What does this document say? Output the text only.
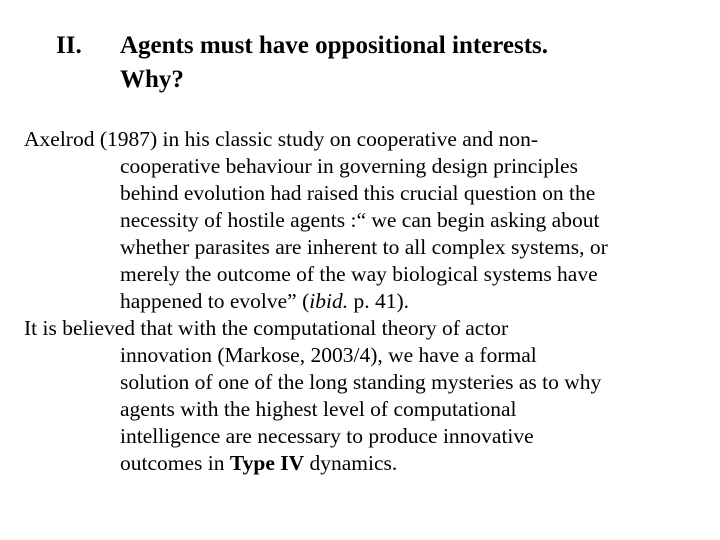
II. Agents must have oppositional interests.
Why?
Axelrod (1987) in his classic study on cooperative and non-
cooperative behaviour in governing design principles
behind evolution had raised this crucial question on the
necessity of hostile agents :“ we can begin asking about
whether parasites are inherent to all complex systems, or
merely the outcome of the way biological systems have
happened to evolve” (ibid. p. 41).
It is believed that with the computational theory of actor
innovation (Markose, 2003/4), we have a formal
solution of one of the long standing mysteries as to why
agents with the highest level of computational
intelligence are necessary to produce innovative
outcomes in Type IV dynamics.
